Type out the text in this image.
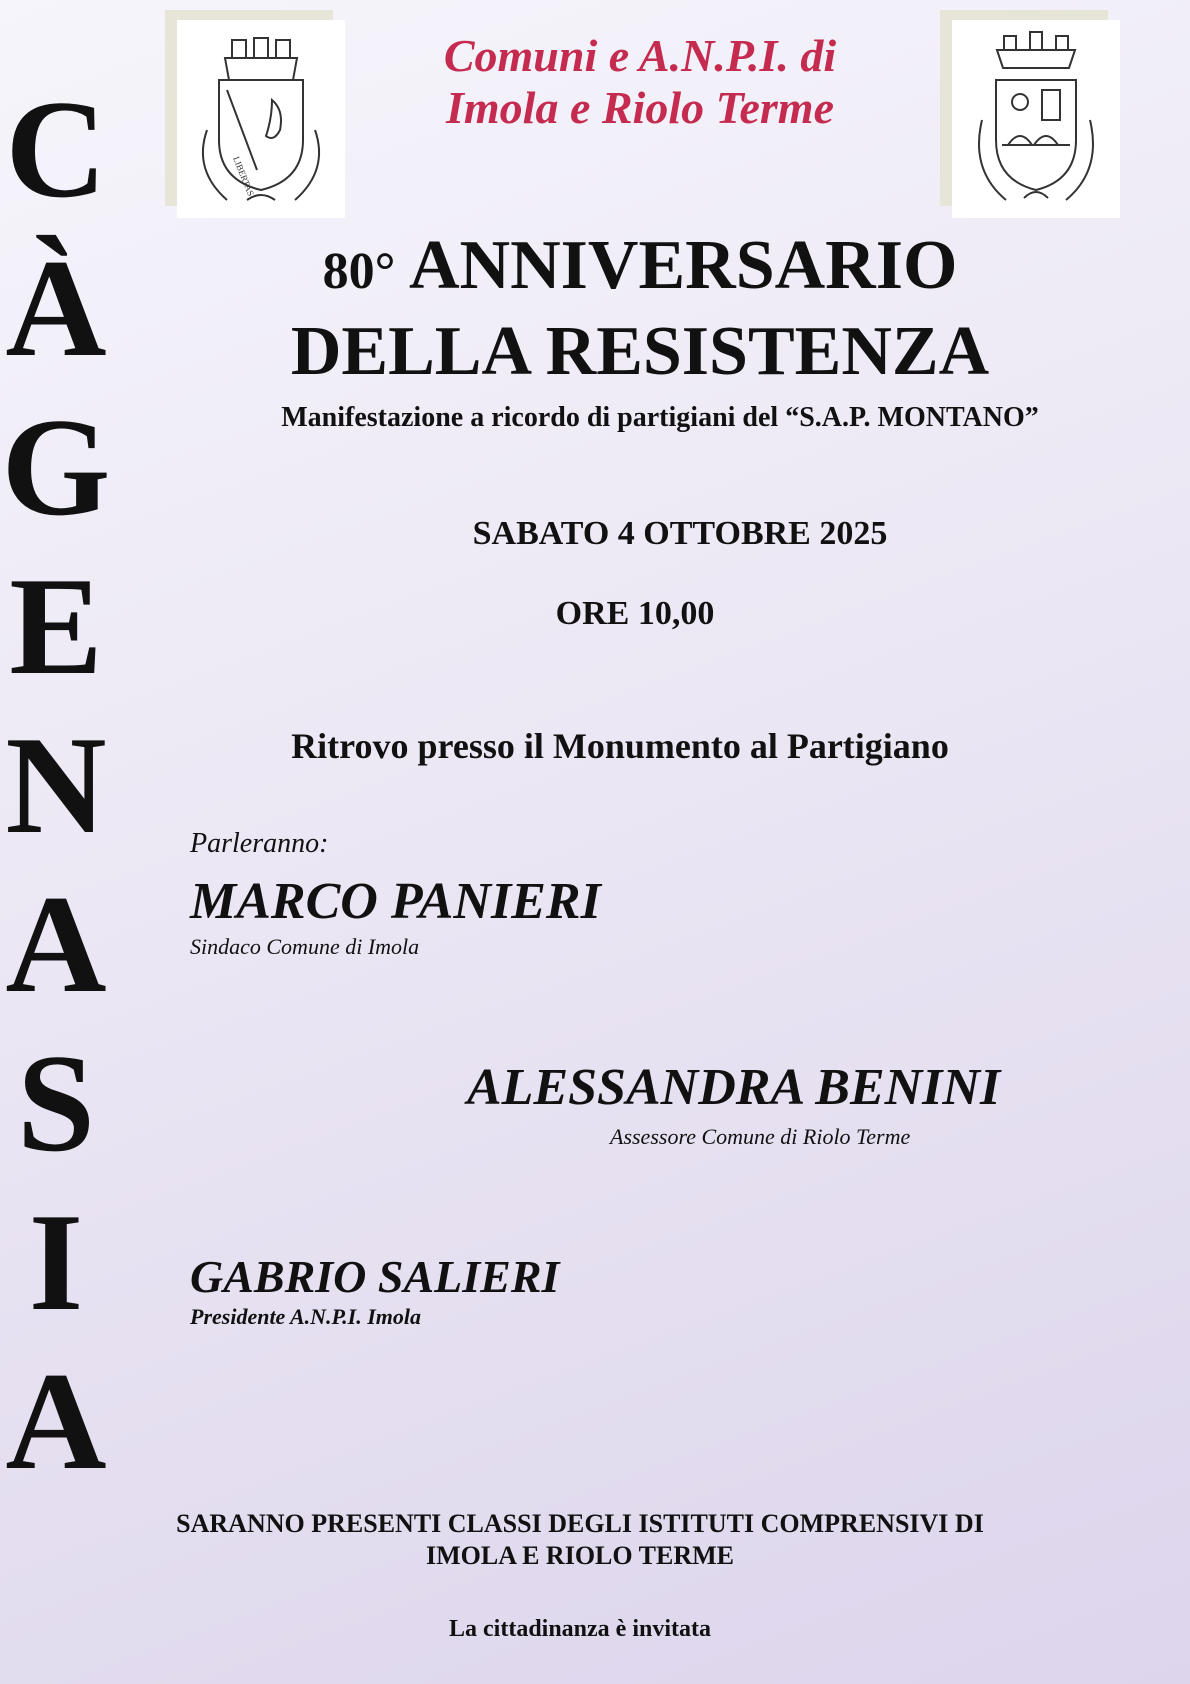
C
À
G
E
N
A
S
I
A
LIBERTAS
Comuni e A.N.P.I. di
Imola e Riolo Terme
80° ANNIVERSARIO
DELLA RESISTENZA
Manifestazione a ricordo di partigiani del “S.A.P. MONTANO”
SABATO 4 OTTOBRE 2025
ORE 10,00
Ritrovo presso il Monumento al Partigiano
Parleranno:
MARCO PANIERI
Sindaco Comune di Imola
ALESSANDRA BENINI
Assessore Comune di Riolo Terme
GABRIO SALIERI
Presidente A.N.P.I. Imola
SARANNO PRESENTI CLASSI DEGLI ISTITUTI COMPRENSIVI DI
IMOLA E RIOLO TERME
La cittadinanza è invitata
